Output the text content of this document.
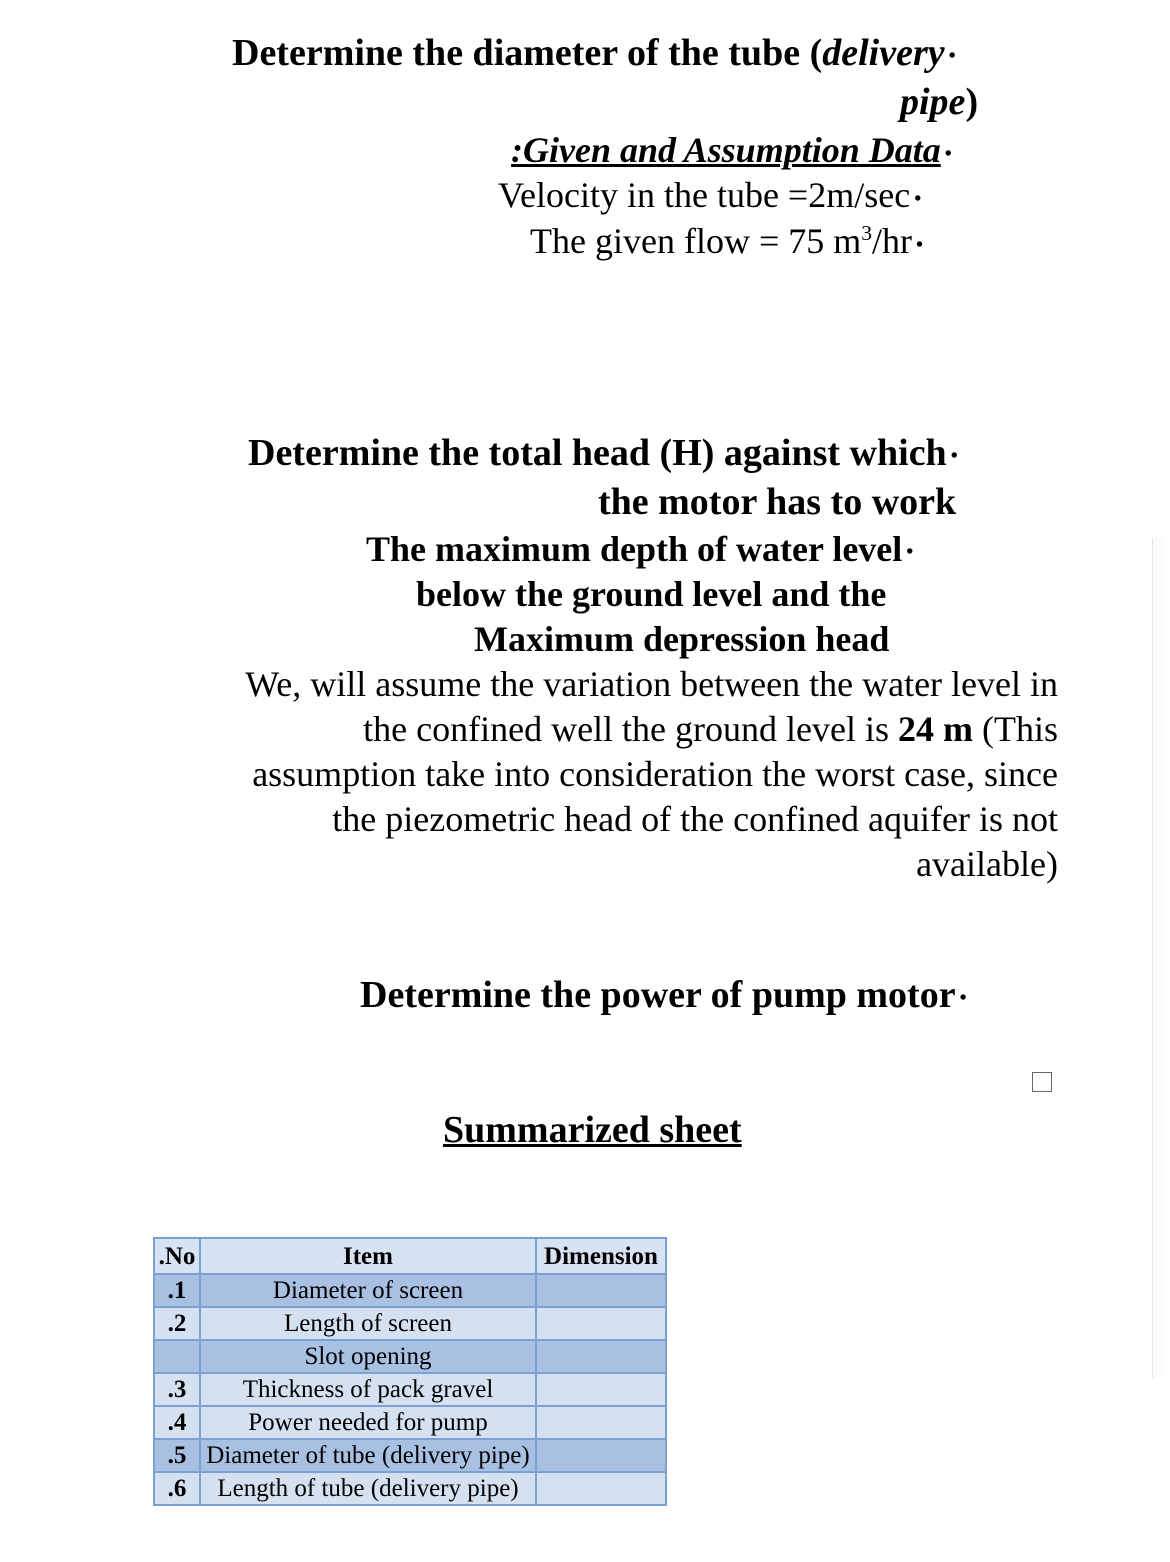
Determine the diameter of the tube (delivery •
pipe)
:Given and Assumption Data •
Velocity in the tube =2m/sec •
The given flow = 75 $m^3/hr$ •
Determine the total head (H) against which •
the motor has to work
The maximum depth of water level •
below the ground level and the
Maximum depression head
We, will assume the variation between the water level in
the confined well the ground level is 24 m (This
assumption take into consideration the worst case, since
the piezometric head of the confined aquifer is not
available)
Determine the power of pump motor •
Summarized sheet
.No	Item	Dimension
.1	Diameter of screen	
.2	Length of screen	
	Slot opening	
.3	Thickness of pack gravel	
.4	Power needed for pump	
.5	Diameter of tube (delivery pipe)	
.6	Length of tube (delivery pipe)	
